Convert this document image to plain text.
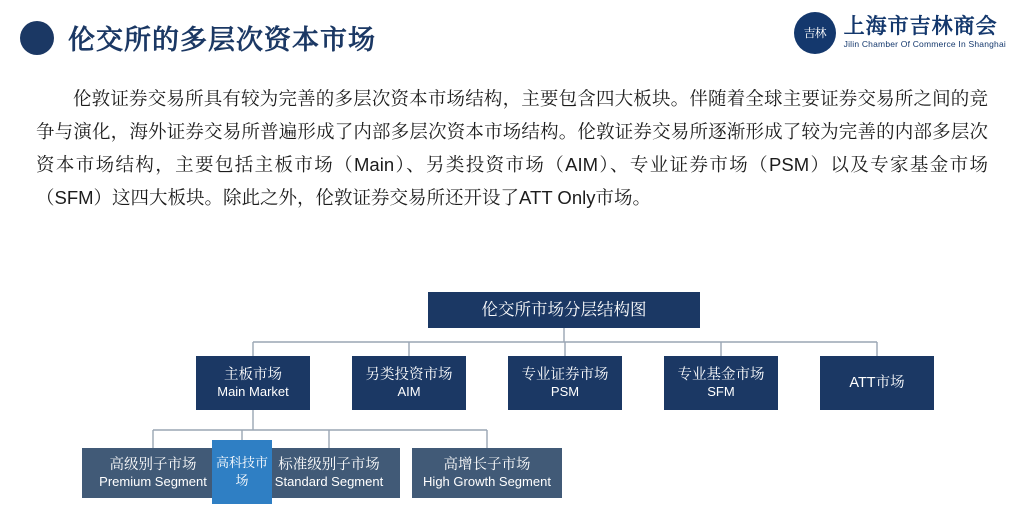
伦交所的多层次资本市场	吉林 上海市吉林商会
Jilin Chamber Of Commerce In Shanghai
伦敦证券交易所具有较为完善的多层次资本市场结构，主要包含四大板块。伴随着全球主要证券交易所之间的竞争与演化，海外证券交易所普遍形成了内部多层次资本市场结构。伦敦证券交易所逐渐形成了较为完善的内部多层次资本市场结构，主要包括主板市场（Main）、另类投资市场（AIM）、专业证券市场（PSM）以及专家基金市场（SFM）这四大板块。除此之外，伦敦证券交易所还开设了ATT Only市场。
伦交所市场分层结构图
主板市场
Main Market
另类投资市场
AIM
专业证券市场
PSM
专业基金市场
SFM
ATT市场
高级别子市场
Premium Segment
标准级别子市场
Standard Segment
高增长子市场
High Growth Segment
高科技市场
